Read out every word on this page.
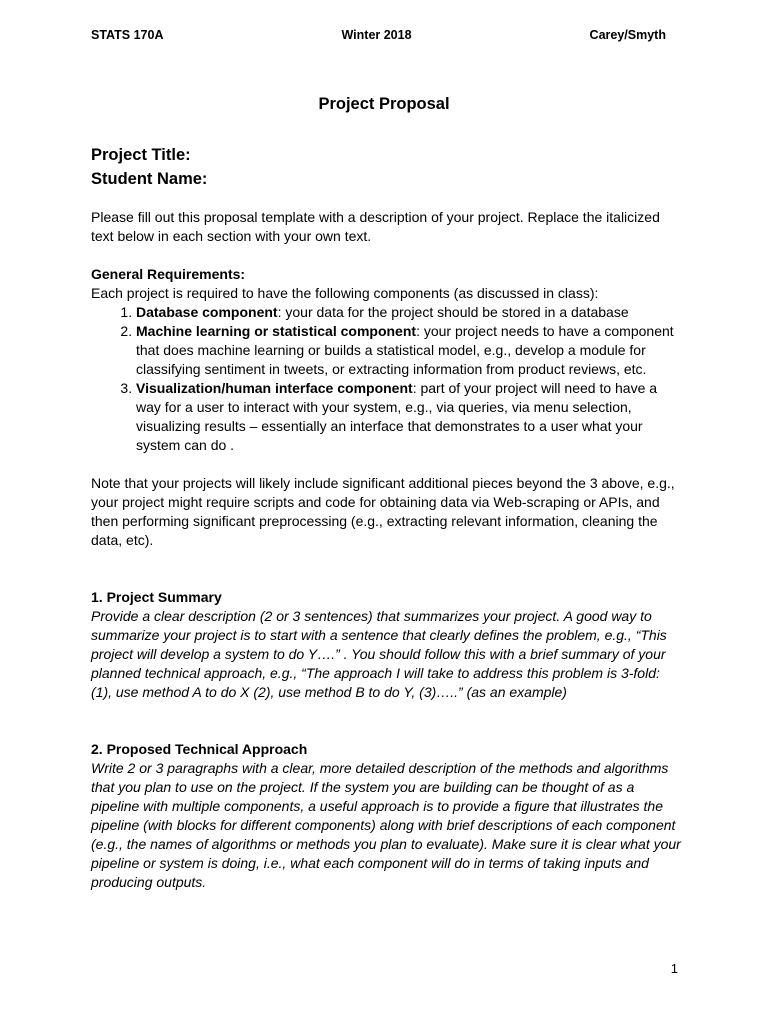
STATS 170A	Winter 2018	Carey/Smyth
Project Proposal
Project Title:
Student Name:

Please fill out this proposal template with a description of your project. Replace the italicized text below in each section with your own text.

General Requirements:

Each project is required to have the following components (as discussed in class):

1. Database component: your data for the project should be stored in a database
2. Machine learning or statistical component: your project needs to have a component that does machine learning or builds a statistical model, e.g., develop a module for classifying sentiment in tweets, or extracting information from product reviews, etc.
3. Visualization/human interface component: part of your project will need to have a way for a user to interact with your system, e.g., via queries, via menu selection, visualizing results – essentially an interface that demonstrates to a user what your system can do .

Note that your projects will likely include significant additional pieces beyond the 3 above, e.g., your project might require scripts and code for obtaining data via Web-scraping or APIs, and then performing significant preprocessing (e.g., extracting relevant information, cleaning the data, etc).

1. Project Summary

Provide a clear description (2 or 3 sentences) that summarizes your project. A good way to summarize your project is to start with a sentence that clearly defines the problem, e.g., “This project will develop a system to do Y….” . You should follow this with a brief summary of your planned technical approach, e.g., “The approach I will take to address this problem is 3-fold: (1), use method A to do X (2), use method B to do Y, (3)…..” (as an example)

2. Proposed Technical Approach

Write 2 or 3 paragraphs with a clear, more detailed description of the methods and algorithms that you plan to use on the project. If the system you are building can be thought of as a pipeline with multiple components, a useful approach is to provide a figure that illustrates the pipeline (with blocks for different components) along with brief descriptions of each component (e.g., the names of algorithms or methods you plan to evaluate). Make sure it is clear what your pipeline or system is doing, i.e., what each component will do in terms of taking inputs and producing outputs.

1
